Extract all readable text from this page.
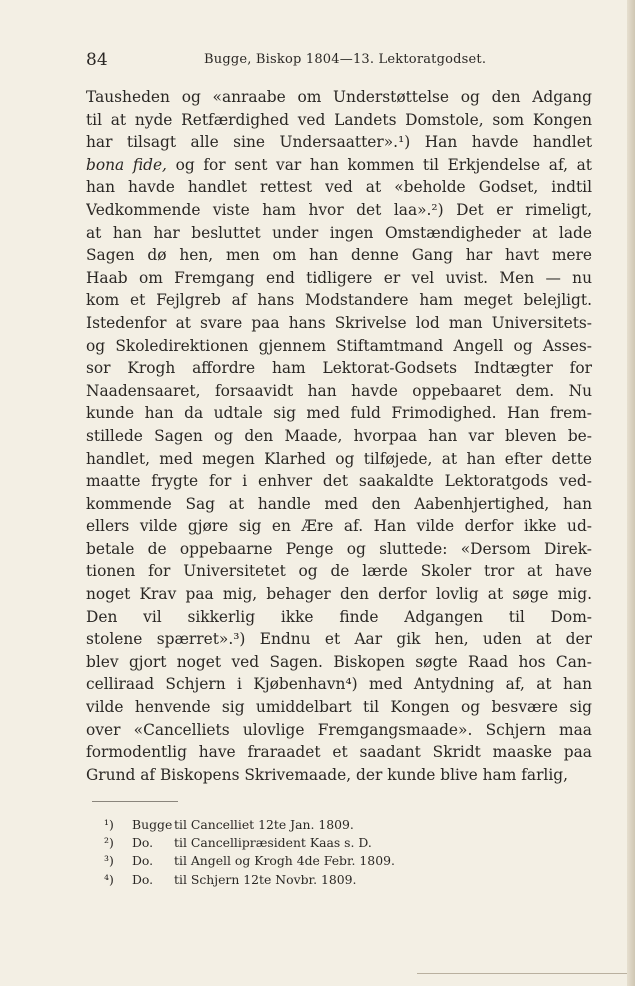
84	Bugge, Biskop 1804—13. Lektoratgodset.
Tausheden og «anraabe om Understøttelse og den Adgang
til at nyde Retfærdighed ved Landets Domstole, som Kongen
har tilsagt alle sine Undersaatter».¹) Han havde handlet
bona fide, og for sent var han kommen til Erkjendelse af, at
han havde handlet rettest ved at «beholde Godset, indtil
Vedkommende viste ham hvor det laa».²) Det er rimeligt,
at han har besluttet under ingen Omstændigheder at lade
Sagen dø hen, men om han denne Gang har havt mere
Haab om Fremgang end tidligere er vel uvist. Men — nu
kom et Fejlgreb af hans Modstandere ham meget beleјligt.
Istedenfor at svare paa hans Skrivelse lod man Universitets-
og Skoledirektionen gjennem Stiftamtmand Angell og Asses-
sor Krogh affordre ham Lektorat-Godsets Indtægter for
Naadensaaret, forsaavidt han havde oppebaaret dem. Nu
kunde han da udtale sig med fuld Frimodighed. Han frem-
stillede Sagen og den Maade, hvorpaa han var bleven be-
handlet, med megen Klarhed og tilføjede, at han efter dette
maatte frygte for i enhver det saakaldte Lektoratgods ved-
kommende Sag at handle med den Aabenhjertighed, han
ellers vilde gjøre sig en Ære af. Han vilde derfor ikke ud-
betale de oppebaarne Penge og sluttede: «Dersom Direk-
tionen for Universitetet og de lærde Skoler tror at have
noget Krav paa mig, behager den derfor lovlig at søge mig.
Den vil sikkerlig ikke finde Adgangen til Dom-
stolene spærret».³) Endnu et Aar gik hen, uden at der
blev gjort noget ved Sagen. Biskopen søgte Raad hos Can-
celliraad Schjern i Kjøbenhavn⁴) med Antydning af, at han
vilde henvende sig umiddelbart til Kongen og besvære sig
over «Cancelliets ulovlige Fremgangsmaade». Schjern maa
formodentlig have fraraadet et saadant Skridt maaske paa
Grund af Biskopens Skrivemaade, der kunde blive ham farlig,
¹) Bugge til Cancelliet 12te Jan. 1809.
²) Do. til Cancellipræsident Kaas s. D.
³) Do. til Angell og Krogh 4de Febr. 1809.
⁴) Do. til Schjern 12te Novbr. 1809.
